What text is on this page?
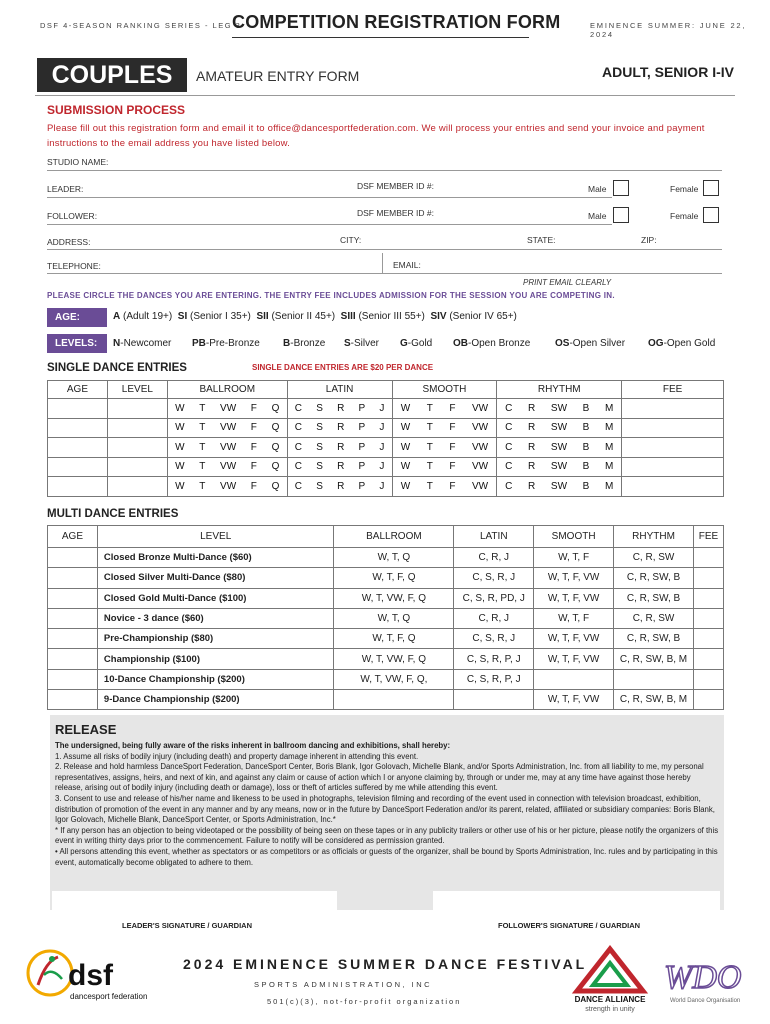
DSF 4-SEASON RANKING SERIES - LEG 3
COMPETITION REGISTRATION FORM	EMINENCE SUMMER: JUNE 22, 2024
COUPLES	AMATEUR ENTRY FORM	ADULT, SENIOR I-IV
SUBMISSION PROCESS
Please fill out this registration form and email it to office@dancesportfederation.com. We will process your entries and send your invoice and payment instructions to the email address you have listed below.
STUDIO NAME:
LEADER:	DSF MEMBER ID #:	Male	Female
FOLLOWER:	DSF MEMBER ID #:	Male	Female
ADDRESS:	CITY:	STATE:	ZIP:
TELEPHONE:	EMAIL:
PRINT EMAIL CLEARLY
PLEASE CIRCLE THE DANCES YOU ARE ENTERING. THE ENTRY FEE INCLUDES ADMISSION FOR THE SESSION YOU ARE COMPETING IN.
AGE:	A (Adult 19+) SI (Senior I 35+) SII (Senior II 45+) SIII (Senior III 55+) SIV (Senior IV 65+)
LEVELS:	N-Newcomer PB-Pre-Bronze B-Bronze S-Silver G-Gold OB-Open Bronze OS-Open Silver OG-Open Gold
SINGLE DANCE ENTRIES	SINGLE DANCE ENTRIES ARE $20 PER DANCE
AGE	LEVEL	BALLROOM	LATIN	SMOOTH	RHYTHM	FEE

		W T VW F Q	C S R P J	W T F VW	C R SW B M	

		W T VW F Q	C S R P J	W T F VW	C R SW B M	

		W T VW F Q	C S R P J	W T F VW	C R SW B M	

		W T VW F Q	C S R P J	W T F VW	C R SW B M	

		W T VW F Q	C S R P J	W T F VW	C R SW B M	

MULTI DANCE ENTRIES
AGE	LEVEL	BALLROOM	LATIN	SMOOTH	RHYTHM	FEE
	Closed Bronze Multi-Dance ($60)	W, T, Q	C, R, J	W, T, F	C, R, SW	
	Closed Silver Multi-Dance ($80)	W, T, F, Q	C, S, R, J	W, T, F, VW	C, R, SW, B	
	Closed Gold Multi-Dance ($100)	W, T, VW, F, Q	C, S, R, PD, J	W, T, F, VW	C, R, SW, B	
	Novice - 3 dance ($60)	W, T, Q	C, R, J	W, T, F	C, R, SW	
	Pre-Championship ($80)	W, T, F, Q	C, S, R, J	W, T, F, VW	C, R, SW, B	
	Championship ($100)	W, T, VW, F, Q	C, S, R, P, J	W, T, F, VW	C, R, SW, B, M	
	10-Dance Championship ($200)	W, T, VW, F, Q,	C, S, R, P, J			
	9-Dance Championship ($200)			W, T, F, VW	C, R, SW, B, M	
RELEASE
The undersigned, being fully aware of the risks inherent in ballroom dancing and exhibitions, shall hereby:
1. Assume all risks of bodily injury (including death) and property damage inherent in attending this event.
2. Release and hold harmless DanceSport Federation, DanceSport Center, Boris Blank, Igor Golovach, Michelle Blank, and/or Sports Administration, Inc. from all liability to me, my personal representatives, assigns, heirs, and next of kin, and against any claim or cause of action which I or anyone claiming by, through or under me, may at any time have against those hereby release, arising out of bodily injury (including death or damage), loss or theft of articles suffered by me while attending this event.
3. Consent to use and release of his/her name and likeness to be used in photographs, television filming and recording of the event used in connection with television broadcast, exhibition, distribution of promotion of the event in any manner and by any means, now or in the future by DanceSport Federation and/or its parent, related, affiliated or subsidiary companies: Boris Blank, Igor Golovach, Michelle Blank, DanceSport Center, or Sports Administration, Inc.*
* If any person has an objection to being videotaped or the possibility of being seen on these tapes or in any publicity trailers or other use of his or her picture, please notify the organizers of this event in writing thirty days prior to the commencement. Failure to notify will be considered as permission granted.
• All persons attending this event, whether as spectators or as competitors or as officials or guests of the organizer, shall be bound by Sports Administration, Inc. rules and by participating in this event, automatically become obligated to adhere to them.
LEADER'S SIGNATURE / GUARDIAN	FOLLOWER'S SIGNATURE / GUARDIAN
dsf
dancesport federation
2024 EMINENCE SUMMER DANCE FESTIVAL
SPORTS ADMINISTRATION, INC
501(c)(3), not-for-profit organization	DANCE ALLIANCE
strength in unity
WDO
World Dance Organisation
